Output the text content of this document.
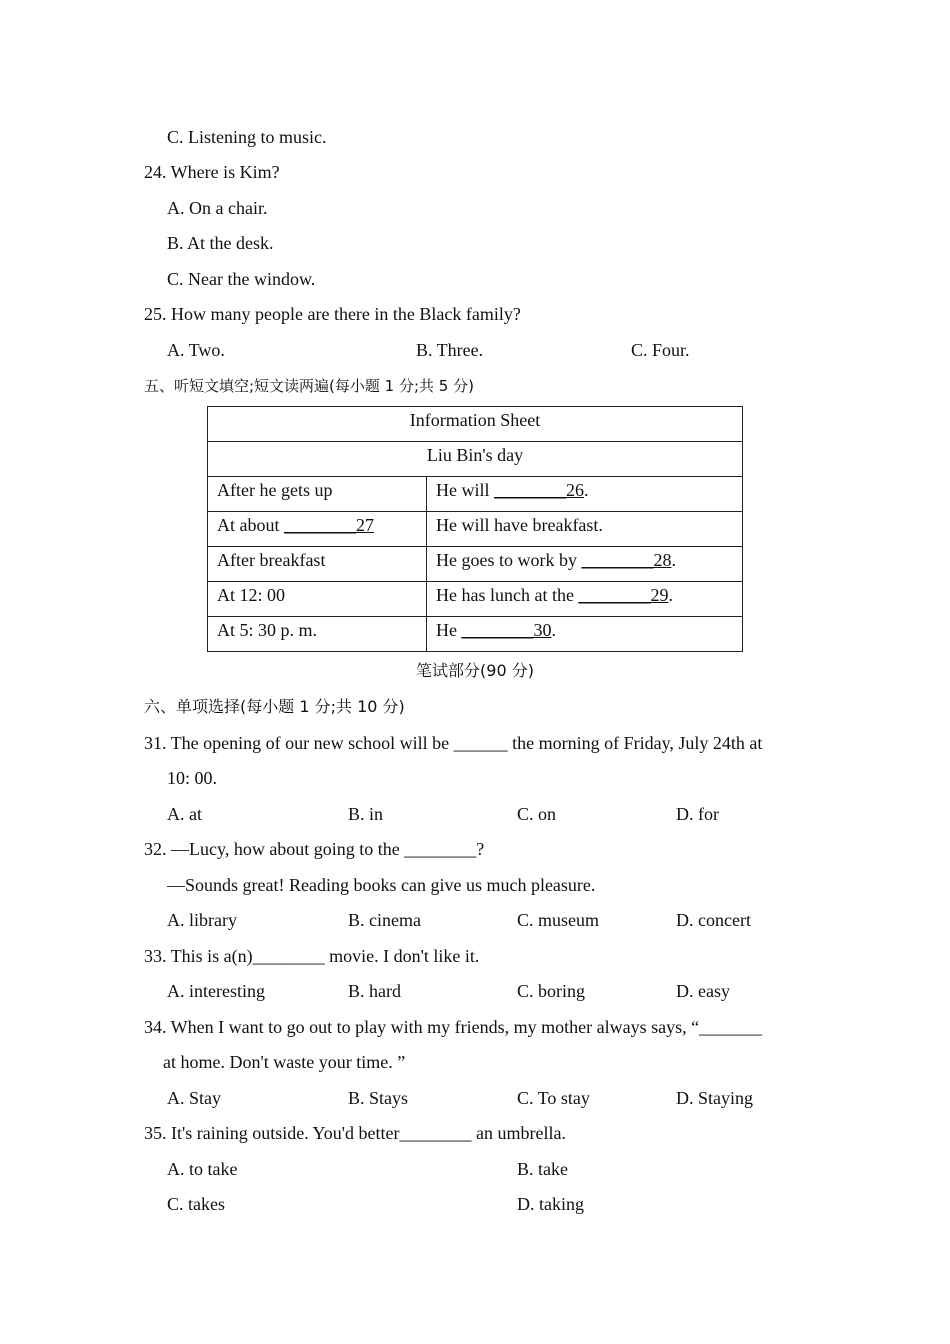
C. Listening to music.
24. Where is Kim?
A. On a chair.
B. At the desk.
C. Near the window.
25. How many people are there in the Black family?
A. Two.	B. Three.	C. Four.
五、听短文填空;短文读两遍(每小题 1 分;共 5 分)
Information Sheet	
Liu Bin's day	
After he gets up	He will ________26.
At about ________27	He will have breakfast.
After breakfast	He goes to work by ________28.
At 12: 00	He has lunch at the ________29.
At 5: 30 p. m.	He ________30.
笔试部分(90 分)
六、单项选择(每小题 1 分;共 10 分)
31. The opening of our new school will be ______ the morning of Friday, July 24th at
10: 00.
A. at	B. in	C. on	D. for
32. —Lucy, how about going to the ________?
—Sounds great! Reading books can give us much pleasure.
A. library	B. cinema	C. museum	D. concert
33. This is a(n)________ movie. I don't like it.
A. interesting	B. hard	C. boring	D. easy
34. When I want to go out to play with my friends, my mother always says, “_______
at home. Don't waste your time. ”
A. Stay	B. Stays	C. To stay	D. Staying
35. It's raining outside. You'd better________ an umbrella.
A. to take	B. take
C. takes	D. taking
